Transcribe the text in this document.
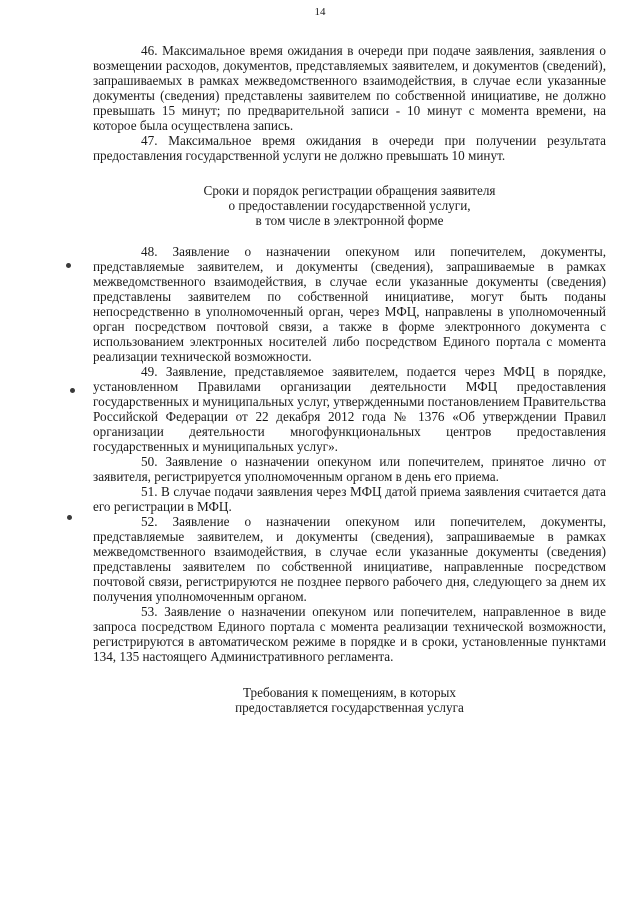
14

46. Максимальное время ожидания в очереди при подаче заявления, заявления о возмещении расходов, документов, представляемых заявителем, и документов (сведений), запрашиваемых в рамках межведомственного взаимодействия, в случае если указанные документы (сведения) представлены заявителем по собственной инициативе, не должно превышать 15 минут; по предварительной записи - 10 минут с момента времени, на которое была осуществлена запись.

47. Максимальное время ожидания в очереди при получении результата предоставления государственной услуги не должно превышать 10 минут.

Сроки и порядок регистрации обращения заявителя
о предоставлении государственной услуги,
в том числе в электронной форме

48. Заявление о назначении опекуном или попечителем, документы, представляемые заявителем, и документы (сведения), запрашиваемые в рамках межведомственного взаимодействия, в случае если указанные документы (сведения) представлены заявителем по собственной инициативе, могут быть поданы непосредственно в уполномоченный орган, через МФЦ, направлены в уполномоченный орган посредством почтовой связи, а также в форме электронного документа с использованием электронных носителей либо посредством Единого портала с момента реализации технической возможности.

49. Заявление, представляемое заявителем, подается через МФЦ в порядке, установленном Правилами организации деятельности МФЦ предоставления государственных и муниципальных услуг, утвержденными постановлением Правительства Российской Федерации от 22 декабря 2012 года № 1376 «Об утверждении Правил организации деятельности многофункциональных центров предоставления государственных и муниципальных услуг».

50. Заявление о назначении опекуном или попечителем, принятое лично от заявителя, регистрируется уполномоченным органом в день его приема.

51. В случае подачи заявления через МФЦ датой приема заявления считается дата его регистрации в МФЦ.

52. Заявление о назначении опекуном или попечителем, документы, представляемые заявителем, и документы (сведения), запрашиваемые в рамках межведомственного взаимодействия, в случае если указанные документы (сведения) представлены заявителем по собственной инициативе, направленные посредством почтовой связи, регистрируются не позднее первого рабочего дня, следующего за днем их получения уполномоченным органом.

53. Заявление о назначении опекуном или попечителем, направленное в виде запроса посредством Единого портала с момента реализации технической возможности, регистрируются в автоматическом режиме в порядке и в сроки, установленные пунктами 134, 135 настоящего Административного регламента.

Требования к помещениям, в которых
предоставляется государственная услуга
